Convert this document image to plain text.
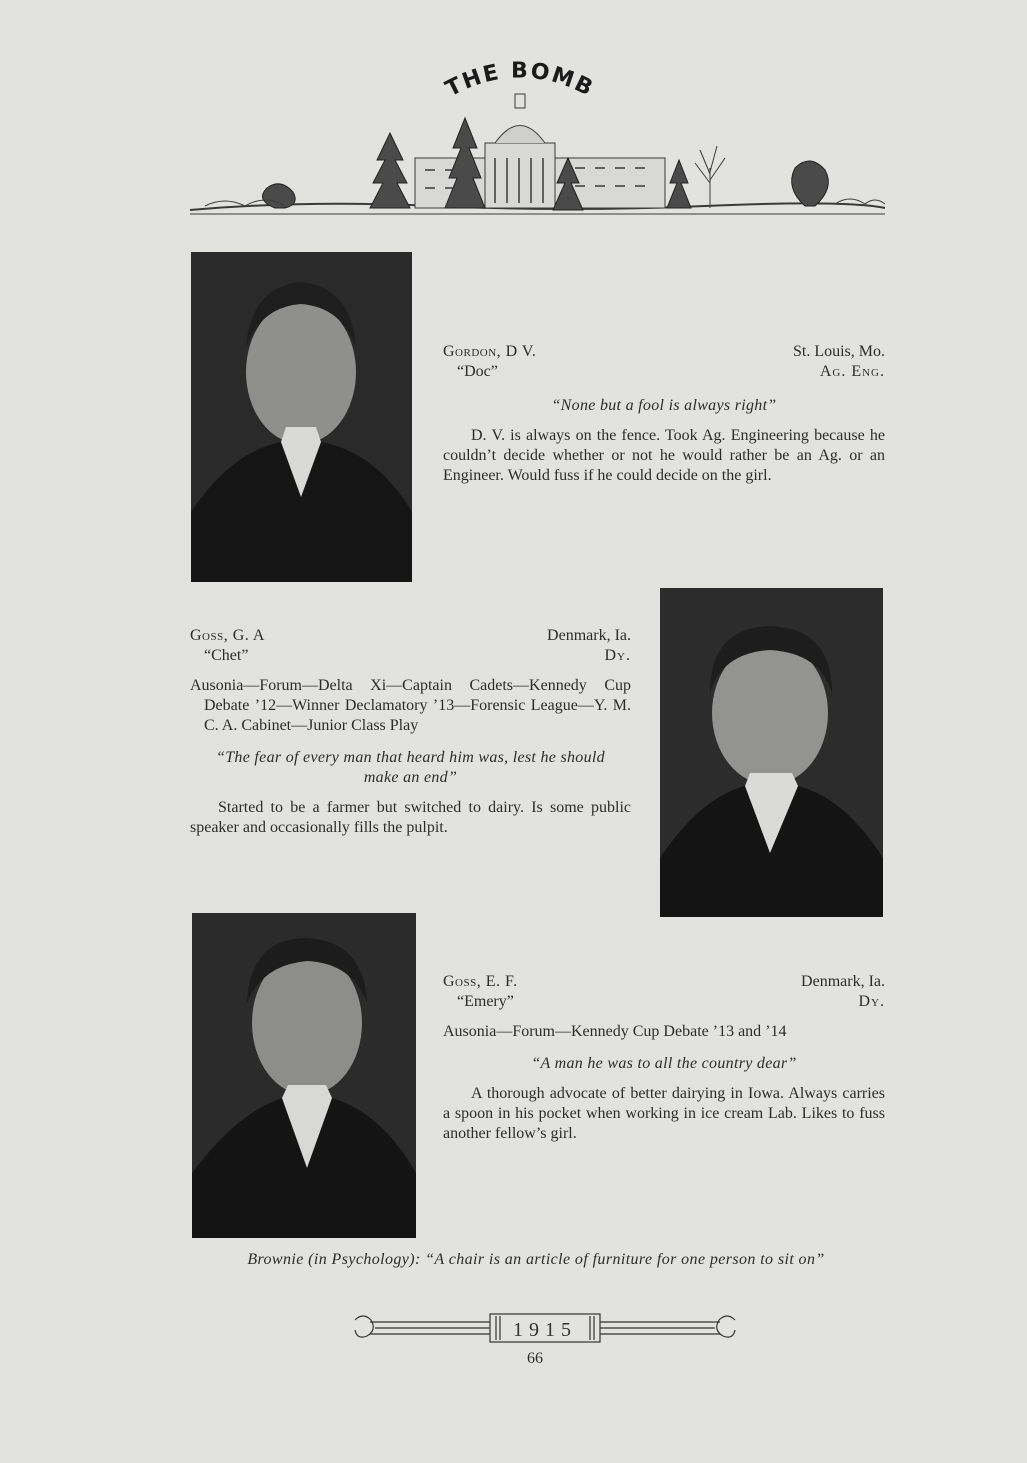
THE BOMB
Gordon, D V.	St. Louis, Mo.
“Doc”	Ag. Eng.
“None but a fool is always right”

D. V. is always on the fence. Took Ag. Engineering because he couldn’t decide whether or not he would rather be an Ag. or an Engineer. Would fuss if he could decide on the girl.

Goss, G. A	Denmark, Ia.
“Chet”	Dy.
Ausonia—Forum—Delta Xi—Captain Cadets—Kennedy Cup Debate ’12—Winner Declamatory ’13—Forensic League—Y. M. C. A. Cabinet—Junior Class Play
“The fear of every man that heard him was, lest he should make an end”

Started to be a farmer but switched to dairy. Is some public speaker and occasionally fills the pulpit.

Goss, E. F.	Denmark, Ia.
“Emery”	Dy.
Ausonia—Forum—Kennedy Cup Debate ’13 and ’14
“A man he was to all the country dear”

A thorough advocate of better dairying in Iowa. Always carries a spoon in his pocket when working in ice cream Lab. Likes to fuss another fellow’s girl.

Brownie (in Psychology): “A chair is an article of furniture for one person to sit on”
1915
66
